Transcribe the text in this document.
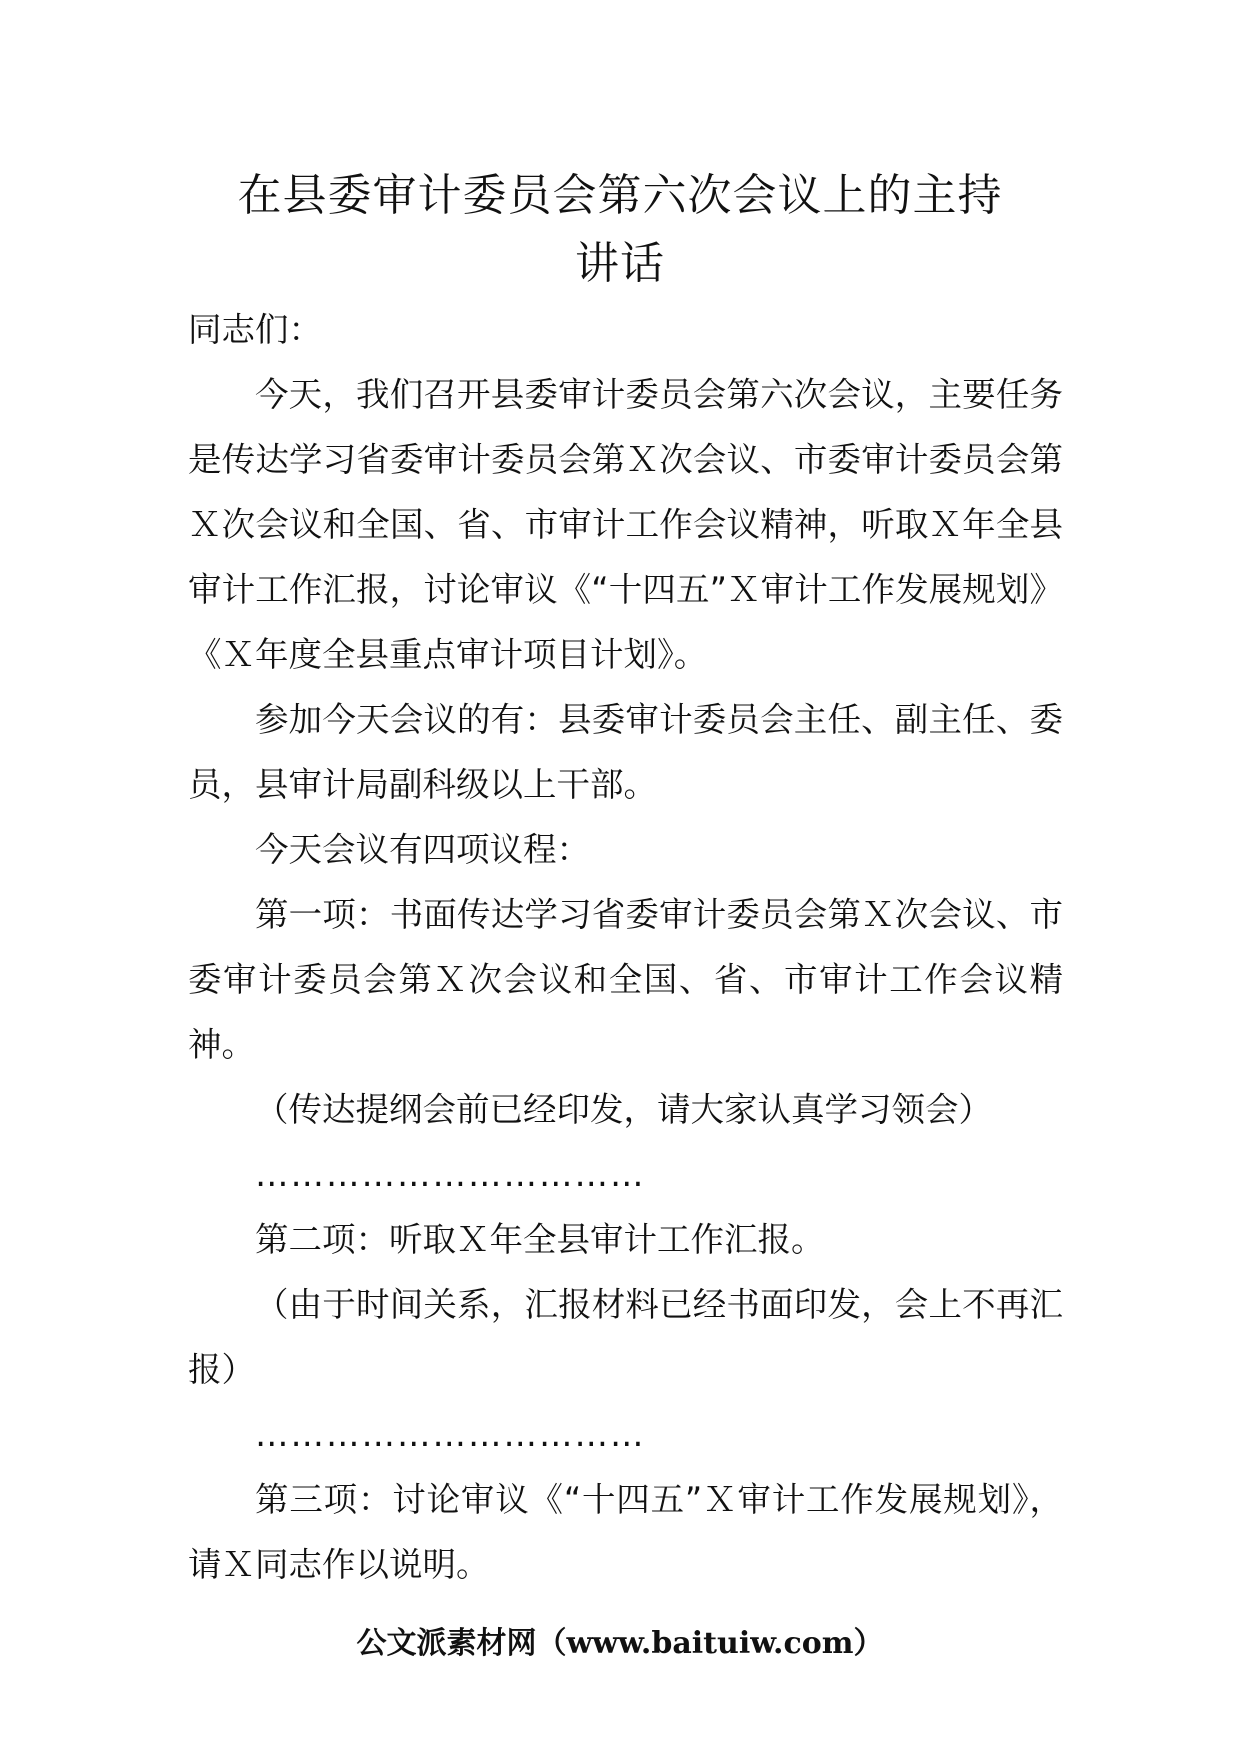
在县委审计委员会第六次会议上的主持
讲话

同志们：

今天，我们召开县委审计委员会第六次会议，主要任务是传达学习省委审计委员会第Ｘ次会议、市委审计委员会第Ｘ次会议和全国、省、市审计工作会议精神，听取Ｘ年全县审计工作汇报，讨论审议《“十四五”Ｘ审计工作发展规划》《Ｘ年度全县重点审计项目计划》。

参加今天会议的有：县委审计委员会主任、副主任、委员，县审计局副科级以上干部。

今天会议有四项议程：

第一项：书面传达学习省委审计委员会第Ｘ次会议、市委审计委员会第Ｘ次会议和全国、省、市审计工作会议精神。

（传达提纲会前已经印发，请大家认真学习领会）

……………………………

第二项：听取Ｘ年全县审计工作汇报。

（由于时间关系，汇报材料已经书面印发，会上不再汇报）

……………………………

第三项：讨论审议《“十四五”Ｘ审计工作发展规划》，请Ｘ同志作以说明。

公文派素材网（www.baituiw.com）
